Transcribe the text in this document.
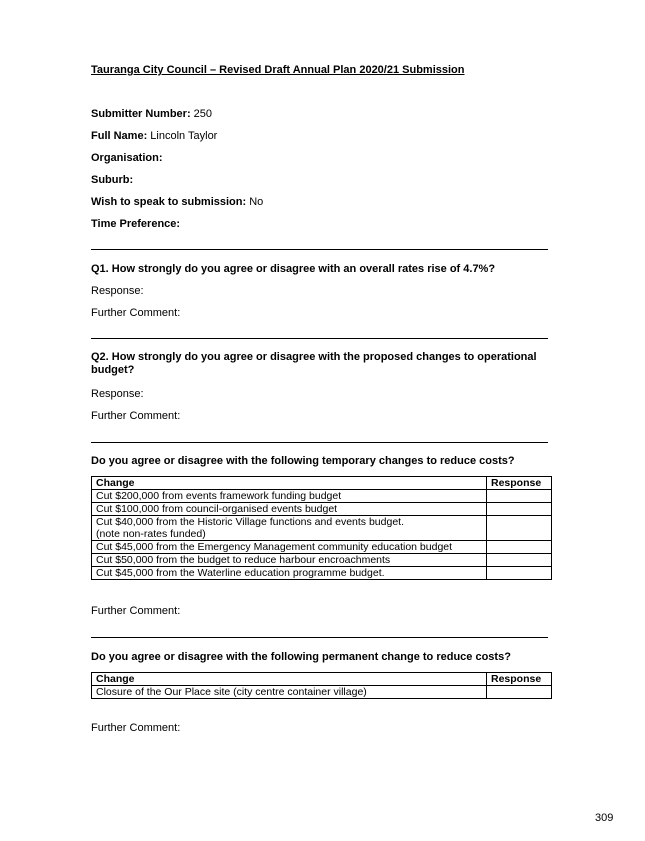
Tauranga City Council – Revised Draft Annual Plan 2020/21 Submission
Submitter Number: 250
Full Name: Lincoln Taylor
Organisation:
Suburb:
Wish to speak to submission: No
Time Preference:
Q1. How strongly do you agree or disagree with an overall rates rise of 4.7%?
Response:
Further Comment:
Q2. How strongly do you agree or disagree with the proposed changes to operational budget?
Response:
Further Comment:
Do you agree or disagree with the following temporary changes to reduce costs?
Change	Response
Cut $200,000 from events framework funding budget	
Cut $100,000 from council-organised events budget	

Cut $40,000 from the Historic Village functions and events budget.
(note non-rates funded)	

Cut $45,000 from the Emergency Management community education budget	
Cut $50,000 from the budget to reduce harbour encroachments	
Cut $45,000 from the Waterline education programme budget.	
Further Comment:
Do you agree or disagree with the following permanent change to reduce costs?
Change	Response
Closure of the Our Place site (city centre container village)	
Further Comment:
309
